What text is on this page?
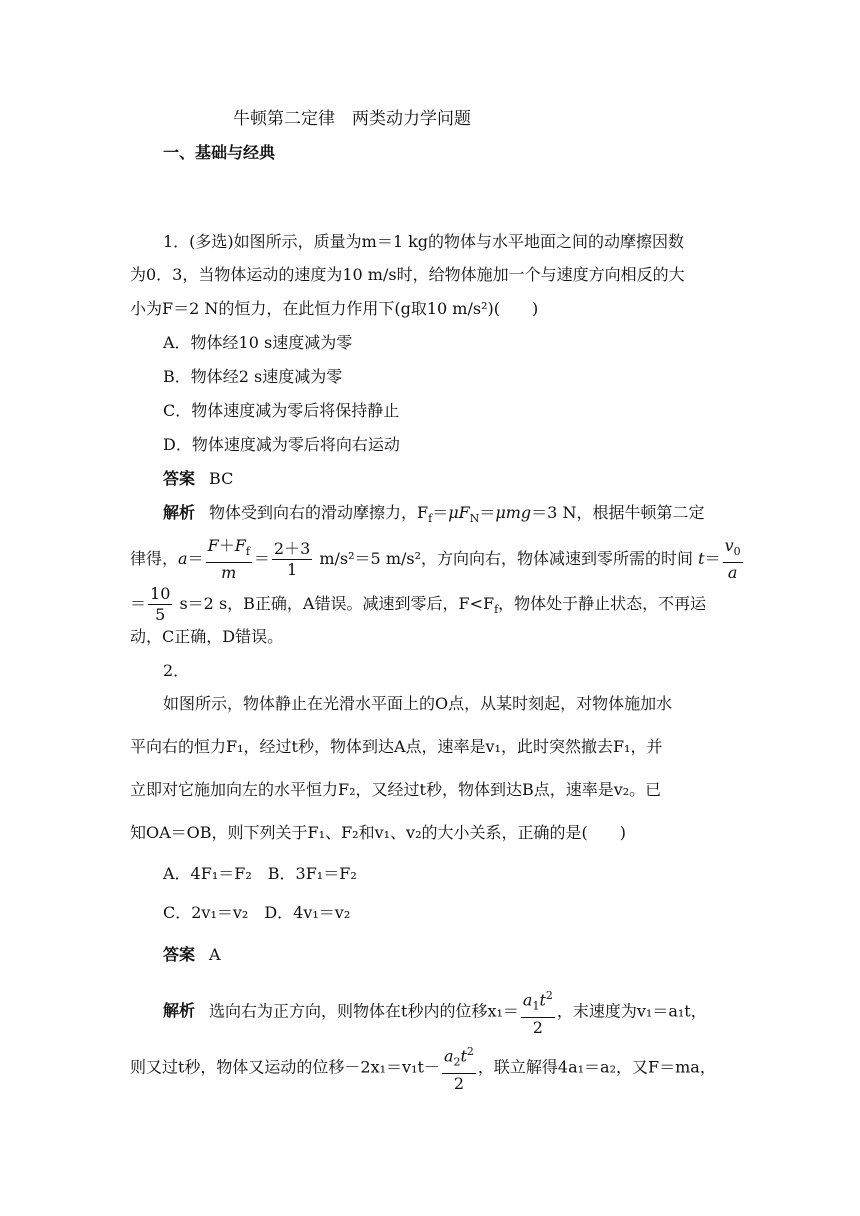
牛顿第二定律　两类动力学问题
一、基础与经典
1．(多选)如图所示，质量为m＝1 kg的物体与水平地面之间的动摩擦因数
为0．3，当物体运动的速度为10 m/s时，给物体施加一个与速度方向相反的大
小为F＝2 N的恒力，在此恒力作用下(g取10 m/s²)(　　)
A．物体经10 s速度减为零
B．物体经2 s速度减为零
C．物体速度减为零后将保持静止
D．物体速度减为零后将向右运动
答案 BC
解析 物体受到向右的滑动摩擦力，$F_f=\mu F_N=\mu mg=3$ N，根据牛顿第二定
律得，$a= \frac{F+F_f}{m} = \frac{2+3}{1} m/s^2=5$ m/s²，方向向右，物体减速到零所需的时间 $t= \frac{v_0}{a}$
＝ $\frac{10}{5} s=2$ s，B正确，A错误。减速到零后，$F<F_f$，物体处于静止状态，不再运
动，C正确，D错误。
2．
如图所示，物体静止在光滑水平面上的O点，从某时刻起，对物体施加水
平向右的恒力F₁，经过t秒，物体到达A点，速率是v₁，此时突然撤去F₁，并
立即对它施加向左的水平恒力F₂，又经过t秒，物体到达B点，速率是v₂。已
知OA＝OB，则下列关于F₁、F₂和v₁、v₂的大小关系，正确的是(　　)
A．4F₁＝F₂　B．3F₁＝F₂
C．2v₁＝v₂　D．4v₁＝v₂
答案 A
解析 选向右为正方向，则物体在t秒内的位移$x_1= \frac{a_1t^2}{2}$ ，末速度为v₁＝a₁t，
则又过t秒，物体又运动的位移$-2x_1=v_1t- \frac{a_2t^2}{2}$ ，联立解得4a₁＝a₂，又F＝ma，
